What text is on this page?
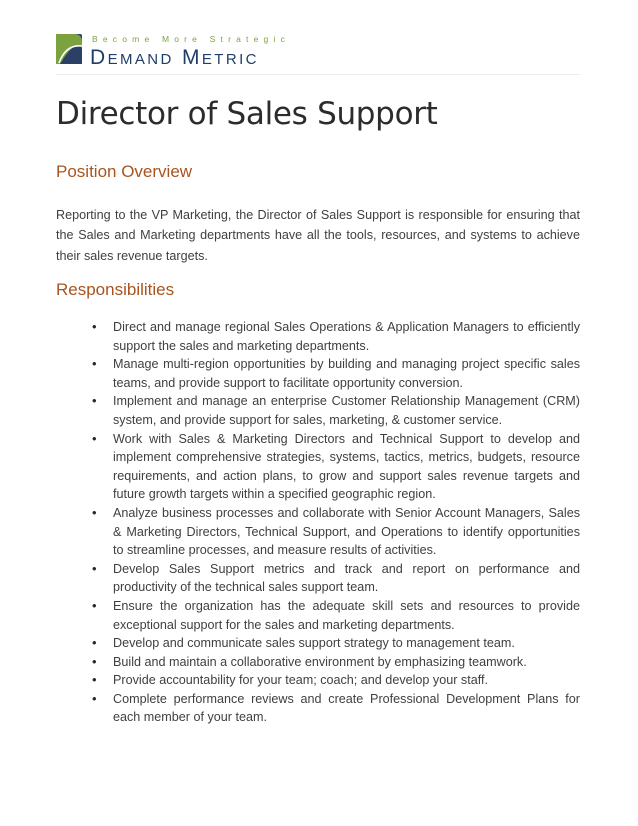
Become More Strategic
Demand Metric
Director of Sales Support
Position Overview

Reporting to the VP Marketing, the Director of Sales Support is responsible for ensuring that the Sales and Marketing departments have all the tools, resources, and systems to achieve their sales revenue targets.

Responsibilities
• Direct and manage regional Sales Operations & Application Managers to efficiently support the sales and marketing departments.
• Manage multi-region opportunities by building and managing project specific sales teams, and provide support to facilitate opportunity conversion.
• Implement and manage an enterprise Customer Relationship Management (CRM) system, and provide support for sales, marketing, & customer service.
• Work with Sales & Marketing Directors and Technical Support to develop and implement comprehensive strategies, systems, tactics, metrics, budgets, resource requirements, and action plans, to grow and support sales revenue targets and future growth targets within a specified geographic region.
• Analyze business processes and collaborate with Senior Account Managers, Sales & Marketing Directors, Technical Support, and Operations to identify opportunities to streamline processes, and measure results of activities.
• Develop Sales Support metrics and track and report on performance and productivity of the technical sales support team.
• Ensure the organization has the adequate skill sets and resources to provide exceptional support for the sales and marketing departments.
• Develop and communicate sales support strategy to management team.
• Build and maintain a collaborative environment by emphasizing teamwork.
• Provide accountability for your team; coach; and develop your staff.
• Complete performance reviews and create Professional Development Plans for each member of your team.
